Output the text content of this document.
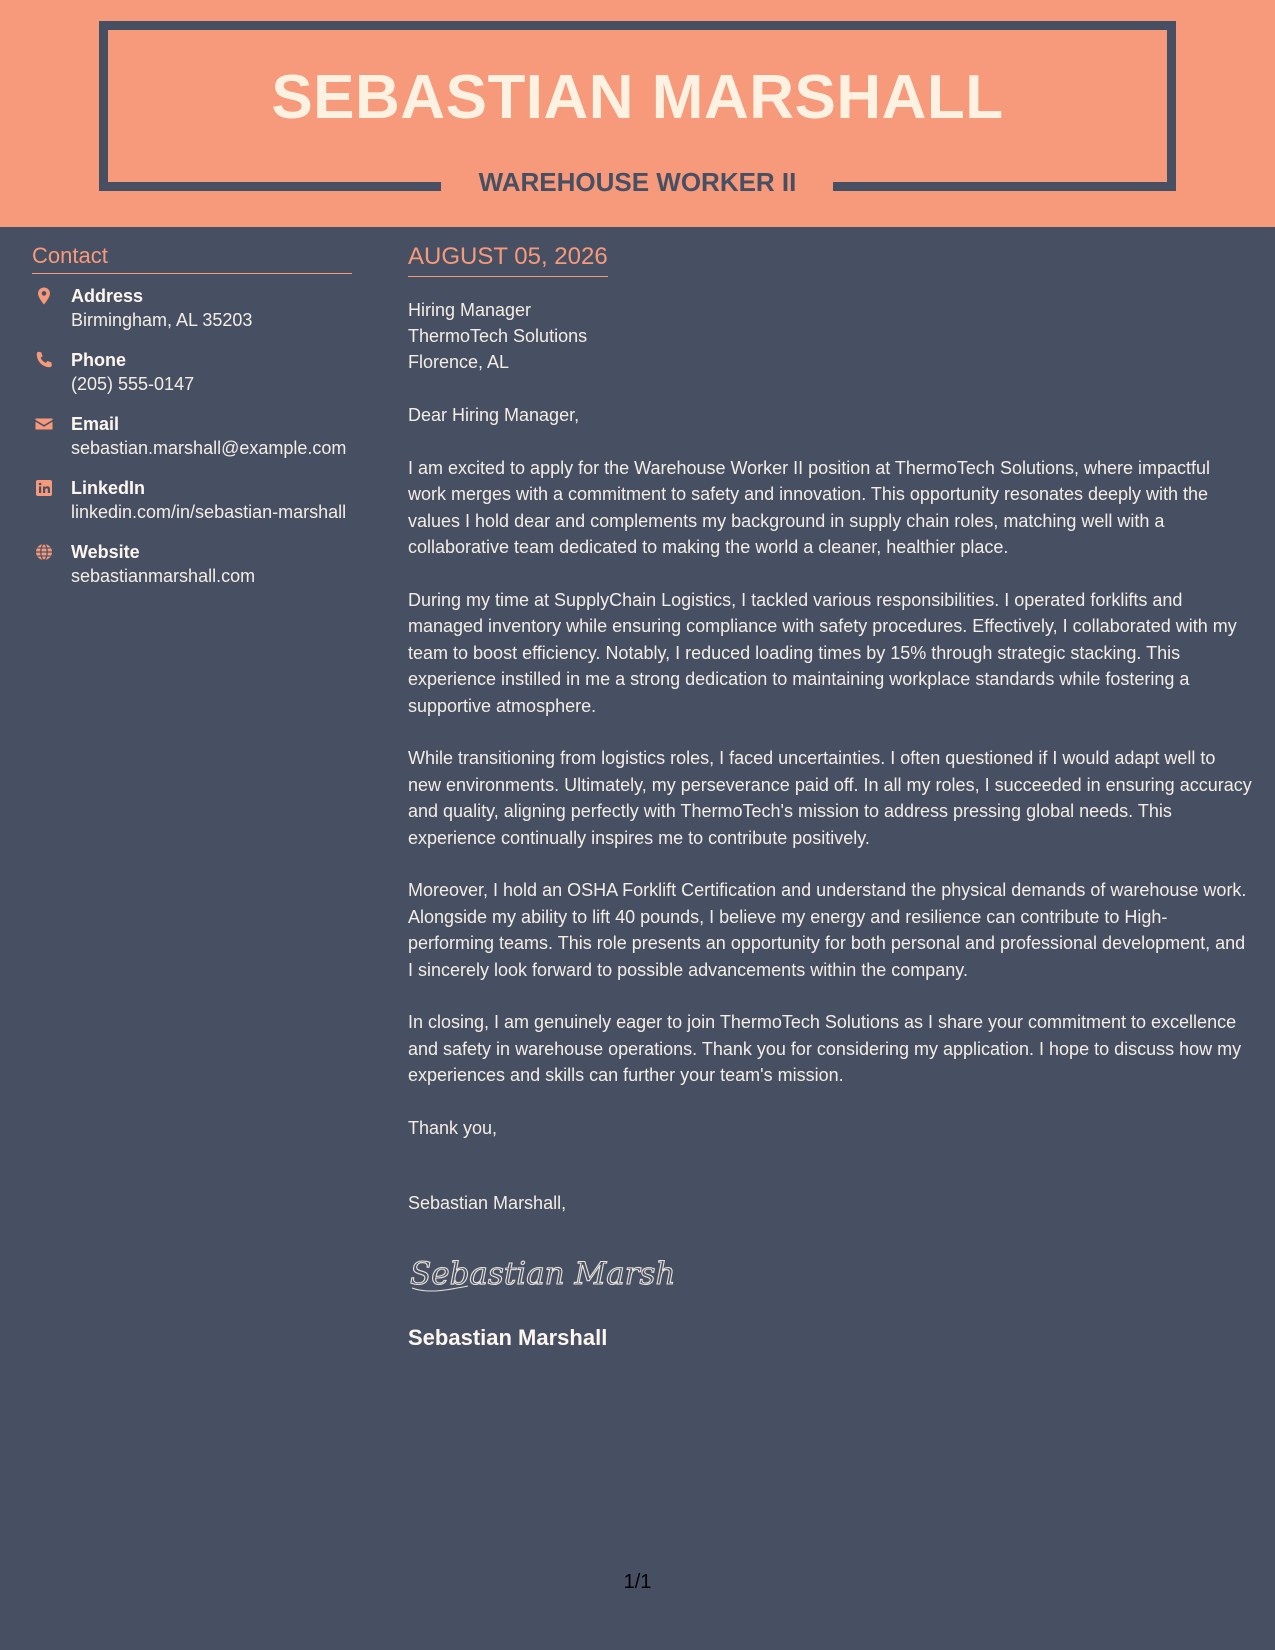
SEBASTIAN MARSHALL
WAREHOUSE WORKER II
Contact
Address
Birmingham, AL 35203
Phone
(205) 555-0147
Email
sebastian.marshall@example.com
LinkedIn
linkedin.com/in/sebastian-marshall
Website
sebastianmarshall.com
AUGUST 05, 2026
Hiring Manager
ThermoTech Solutions
Florence, AL
Dear Hiring Manager,
I am excited to apply for the Warehouse Worker II position at ThermoTech Solutions, where impactful work merges with a commitment to safety and innovation. This opportunity resonates deeply with the values I hold dear and complements my background in supply chain roles, matching well with a collaborative team dedicated to making the world a cleaner, healthier place.
During my time at SupplyChain Logistics, I tackled various responsibilities. I operated forklifts and managed inventory while ensuring compliance with safety procedures. Effectively, I collaborated with my team to boost efficiency. Notably, I reduced loading times by 15% through strategic stacking. This experience instilled in me a strong dedication to maintaining workplace standards while fostering a supportive atmosphere.
While transitioning from logistics roles, I faced uncertainties. I often questioned if I would adapt well to new environments. Ultimately, my perseverance paid off. In all my roles, I succeeded in ensuring accuracy and quality, aligning perfectly with ThermoTech's mission to address pressing global needs. This experience continually inspires me to contribute positively.
Moreover, I hold an OSHA Forklift Certification and understand the physical demands of warehouse work. Alongside my ability to lift 40 pounds, I believe my energy and resilience can contribute to High-performing teams. This role presents an opportunity for both personal and professional development, and I sincerely look forward to possible advancements within the company.
In closing, I am genuinely eager to join ThermoTech Solutions as I share your commitment to excellence and safety in warehouse operations. Thank you for considering my application. I hope to discuss how my experiences and skills can further your team's mission.
Thank you,
Sebastian Marshall,
Sebastian Marsh
Sebastian Marshall
1/1
